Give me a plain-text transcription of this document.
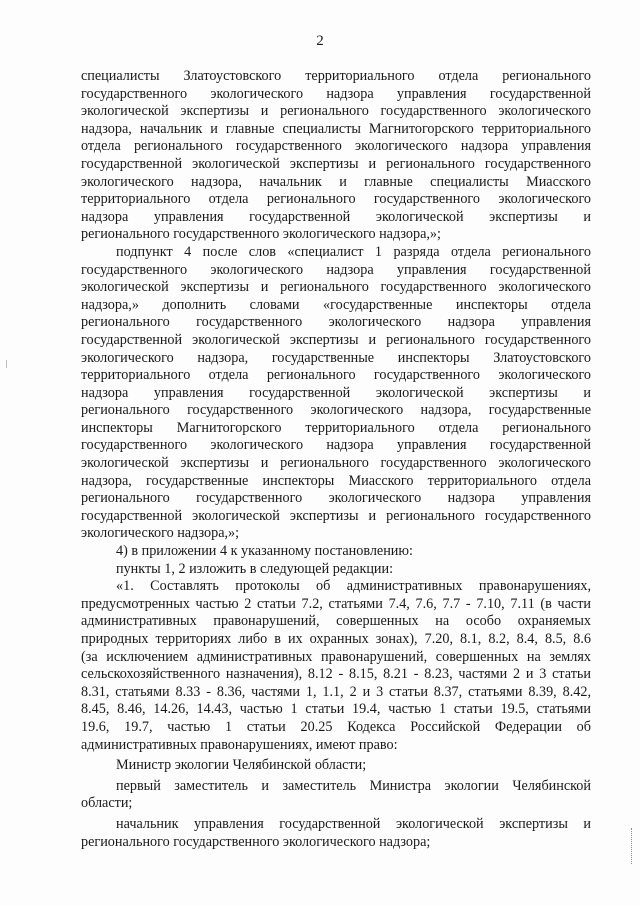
2
специалисты Златоустовского территориального отдела регионального
государственного экологического надзора управления государственной
экологической экспертизы и регионального государственного экологического
надзора, начальник и главные специалисты Магнитогорского территориального
отдела регионального государственного экологического надзора управления
государственной экологической экспертизы и регионального государственного
экологического надзора, начальник и главные специалисты Миасского
территориального отдела регионального государственного экологического
надзора управления государственной экологической экспертизы и
регионального государственного экологического надзора,»;
подпункт 4 после слов «специалист 1 разряда отдела регионального
государственного экологического надзора управления государственной
экологической экспертизы и регионального государственного экологического
надзора,» дополнить словами «государственные инспекторы отдела
регионального государственного экологического надзора управления
государственной экологической экспертизы и регионального государственного
экологического надзора, государственные инспекторы Златоустовского
территориального отдела регионального государственного экологического
надзора управления государственной экологической экспертизы и
регионального государственного экологического надзора, государственные
инспекторы Магнитогорского территориального отдела регионального
государственного экологического надзора управления государственной
экологической экспертизы и регионального государственного экологического
надзора, государственные инспекторы Миасского территориального отдела
регионального государственного экологического надзора управления
государственной экологической экспертизы и регионального государственного
экологического надзора,»;
4) в приложении 4 к указанному постановлению:
пункты 1, 2 изложить в следующей редакции:
«1. Составлять протоколы об административных правонарушениях,
предусмотренных частью 2 статьи 7.2, статьями 7.4, 7.6, 7.7 - 7.10, 7.11 (в части
административных правонарушений, совершенных на особо охраняемых
природных территориях либо в их охранных зонах), 7.20, 8.1, 8.2, 8.4, 8.5, 8.6
(за исключением административных правонарушений, совершенных на землях
сельскохозяйственного назначения), 8.12 - 8.15, 8.21 - 8.23, частями 2 и 3 статьи
8.31, статьями 8.33 - 8.36, частями 1, 1.1, 2 и 3 статьи 8.37, статьями 8.39, 8.42,
8.45, 8.46, 14.26, 14.43, частью 1 статьи 19.4, частью 1 статьи 19.5, статьями
19.6, 19.7, частью 1 статьи 20.25 Кодекса Российской Федерации об
административных правонарушениях, имеют право:
Министр экологии Челябинской области;
первый заместитель и заместитель Министра экологии Челябинской
области;
начальник управления государственной экологической экспертизы и
регионального государственного экологического надзора;
